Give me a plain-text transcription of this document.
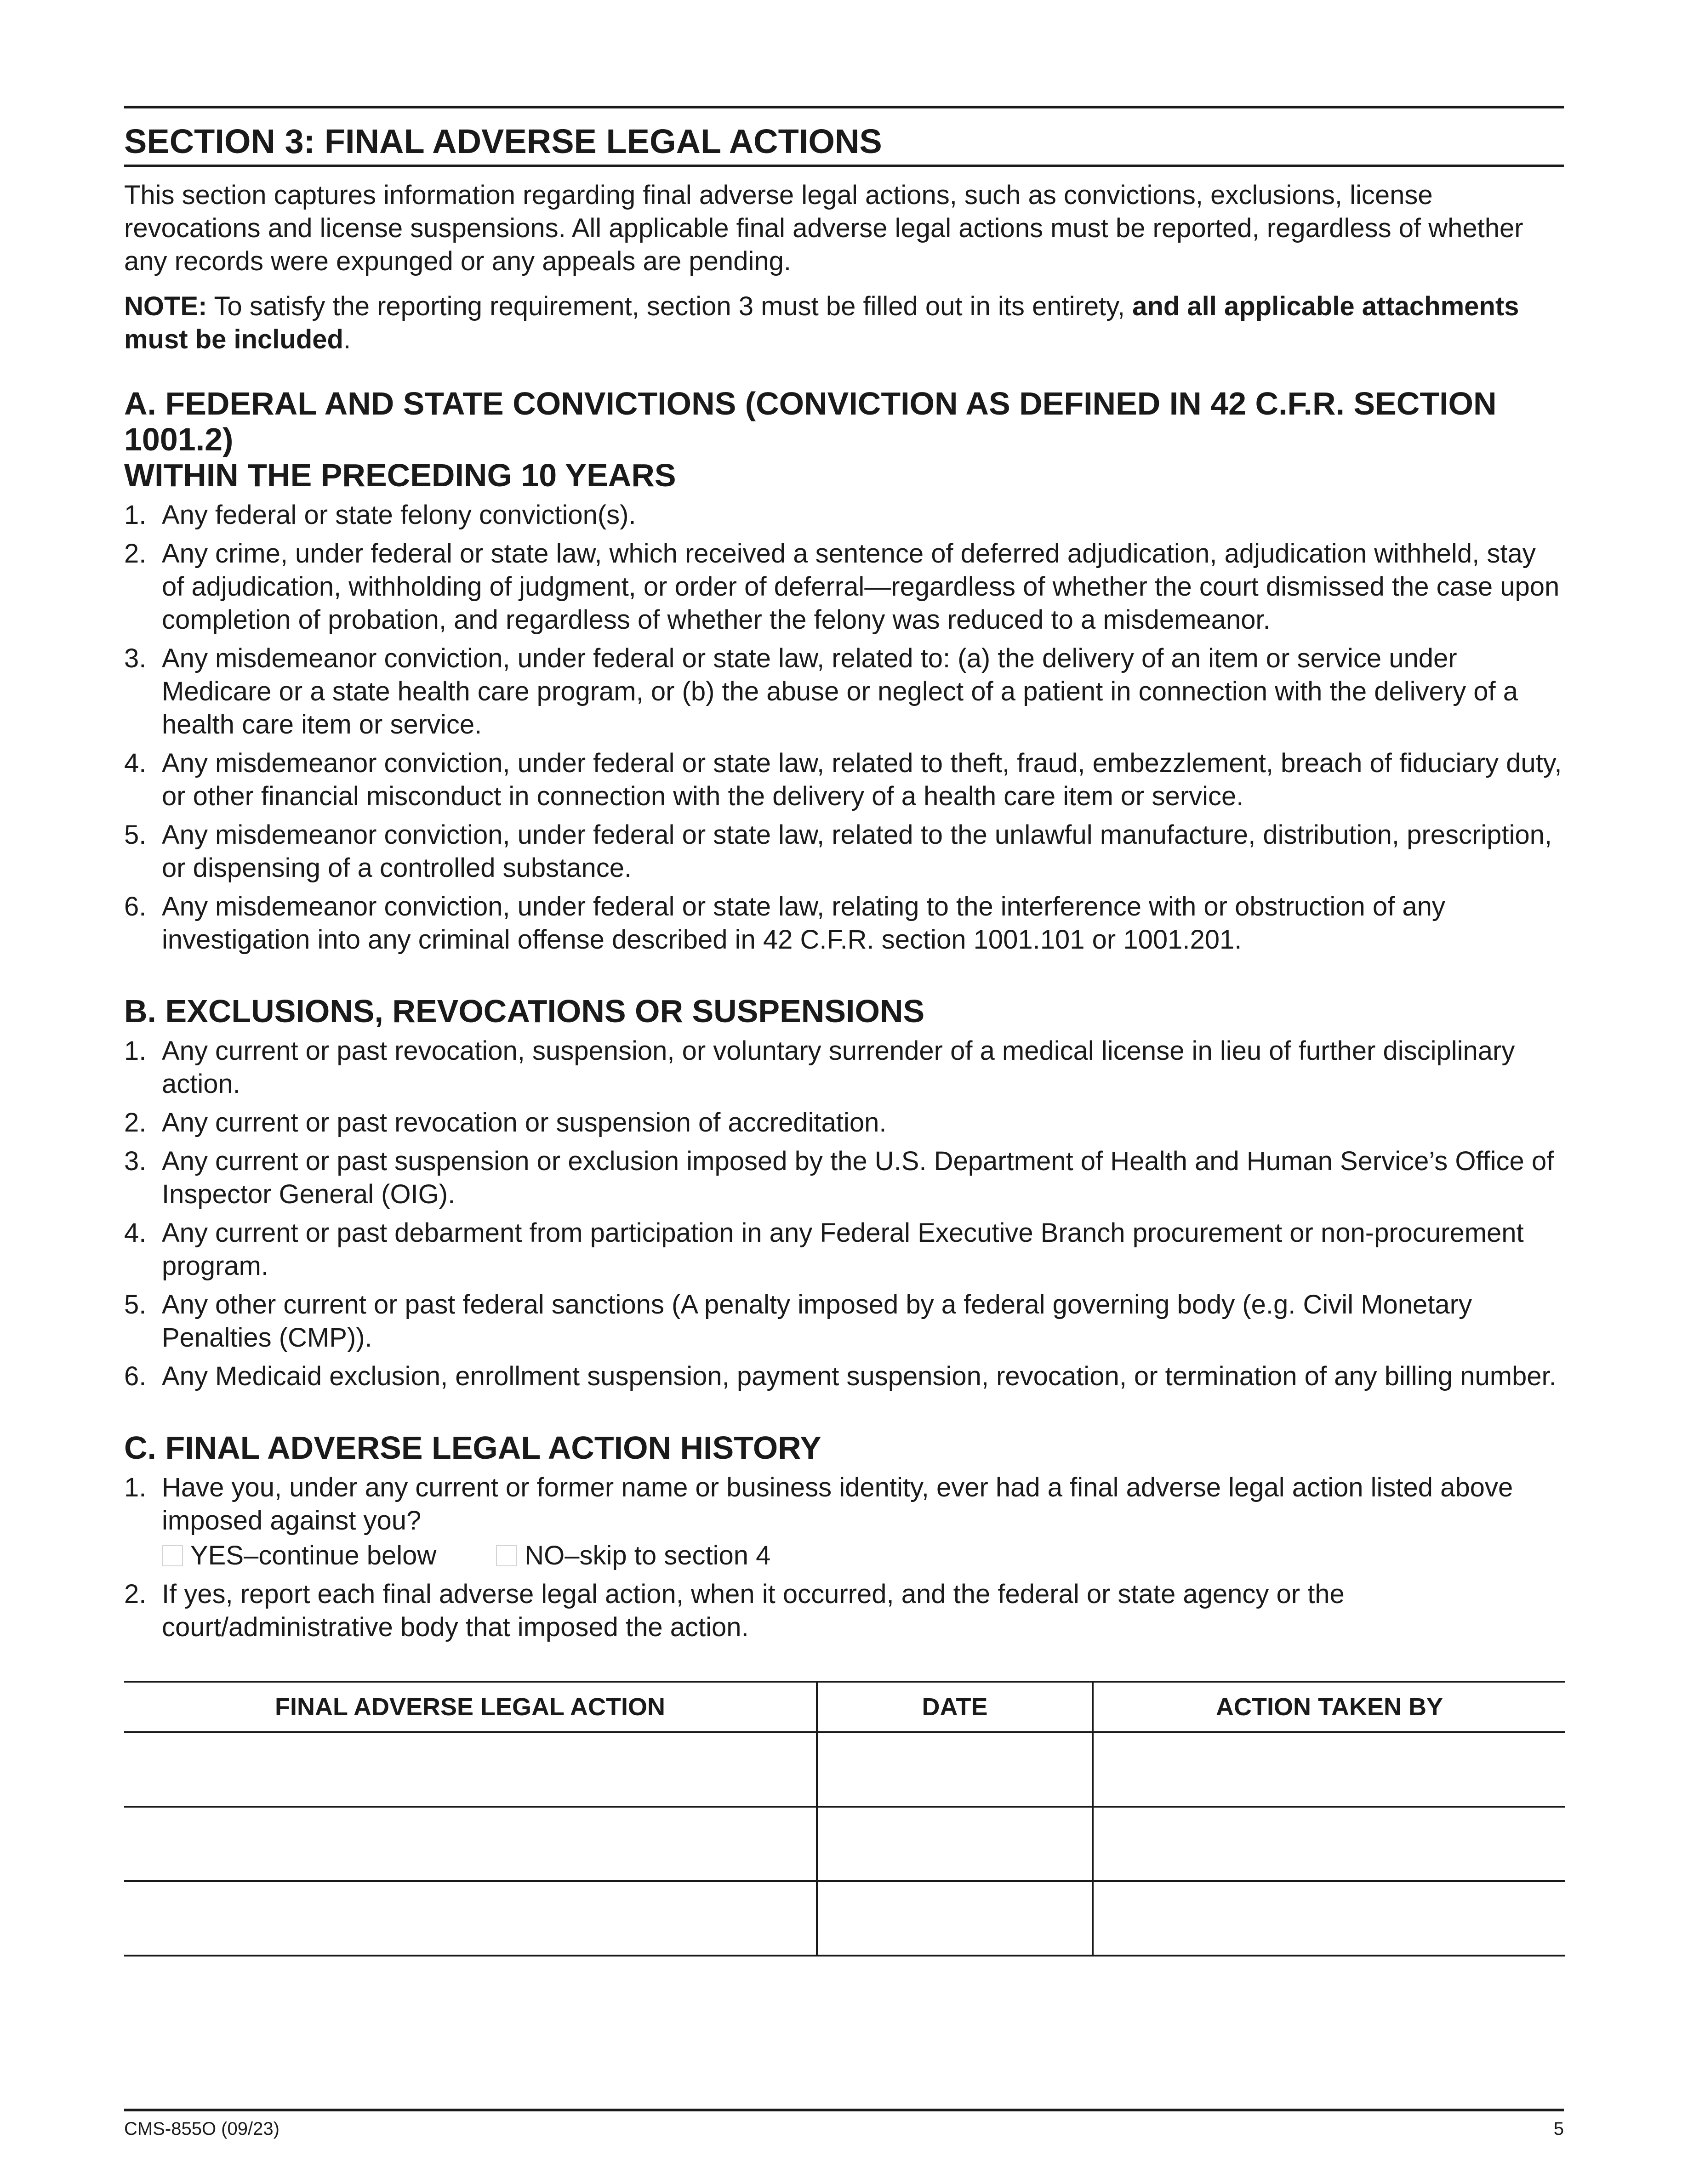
SECTION 3: FINAL ADVERSE LEGAL ACTIONS

This section captures information regarding final adverse legal actions, such as convictions, exclusions, license revocations and license suspensions. All applicable final adverse legal actions must be reported, regardless of whether any records were expunged or any appeals are pending.

NOTE: To satisfy the reporting requirement, section 3 must be filled out in its entirety, and all applicable attachments must be included.

A. FEDERAL AND STATE CONVICTIONS (CONVICTION AS DEFINED IN 42 C.F.R. SECTION 1001.2)
WITHIN THE PRECEDING 10 YEARS
1. Any federal or state felony conviction(s).
2. Any crime, under federal or state law, which received a sentence of deferred adjudication, adjudication withheld, stay of adjudication, withholding of judgment, or order of deferral—regardless of whether the court dismissed the case upon completion of probation, and regardless of whether the felony was reduced to a misdemeanor.
3. Any misdemeanor conviction, under federal or state law, related to: (a) the delivery of an item or service under Medicare or a state health care program, or (b) the abuse or neglect of a patient in connection with the delivery of a health care item or service.
4. Any misdemeanor conviction, under federal or state law, related to theft, fraud, embezzlement, breach of fiduciary duty, or other financial misconduct in connection with the delivery of a health care item or service.
5. Any misdemeanor conviction, under federal or state law, related to the unlawful manufacture, distribution, prescription, or dispensing of a controlled substance.
6. Any misdemeanor conviction, under federal or state law, relating to the interference with or obstruction of any investigation into any criminal offense described in 42 C.F.R. section 1001.101 or 1001.201.
B. EXCLUSIONS, REVOCATIONS OR SUSPENSIONS
1. Any current or past revocation, suspension, or voluntary surrender of a medical license in lieu of further disciplinary action.
2. Any current or past revocation or suspension of accreditation.
3. Any current or past suspension or exclusion imposed by the U.S. Department of Health and Human Service’s Office of Inspector General (OIG).
4. Any current or past debarment from participation in any Federal Executive Branch procurement or non-procurement program.
5. Any other current or past federal sanctions (A penalty imposed by a federal governing body (e.g. Civil Monetary Penalties (CMP)).
6. Any Medicaid exclusion, enrollment suspension, payment suspension, revocation, or termination of any billing number.
C. FINAL ADVERSE LEGAL ACTION HISTORY
1. Have you, under any current or former name or business identity, ever had a final adverse legal action listed above imposed against you?
YES–continue below	NO–skip to section 4
2. If yes, report each final adverse legal action, when it occurred, and the federal or state agency or the court/administrative body that imposed the action.
FINAL ADVERSE LEGAL ACTION	DATE	ACTION TAKEN BY

CMS-855O (09/23)	5
